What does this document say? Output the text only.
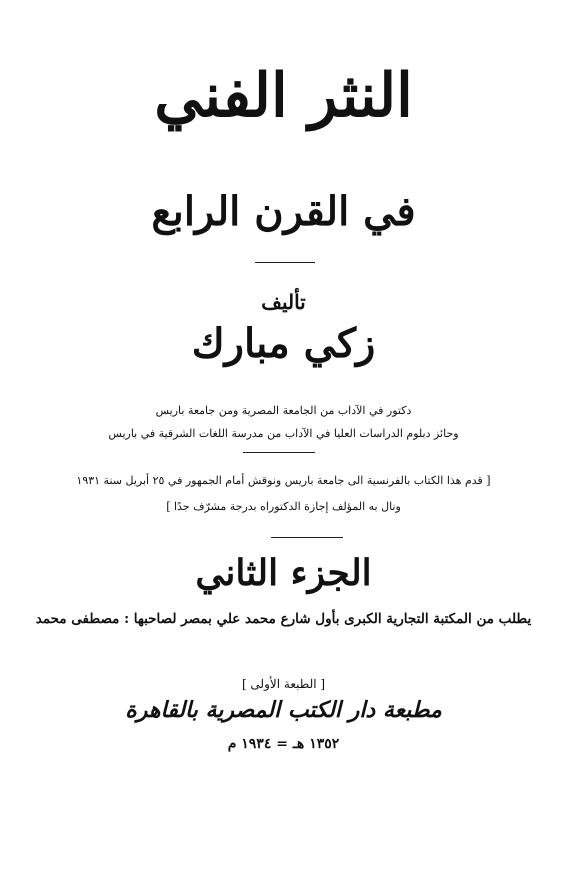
النثر الفني
في القرن الرابع
تأليف
زكي مبارك
دكتور في الآداب من الجامعة المصرية ومن جامعة باريس
وحائز دبلوم الدراسات العليا في الآداب من مدرسة اللغات الشرقية في باريس
[ قدم هذا الكتاب بالفرنسية الى جامعة باريس ونوقش أمام الجمهور في ٢٥ أبريل سنة ١٩٣١
ونال به المؤلف إجازة الدكتوراه بدرجة مشرّف جدًا ]
الجزء الثاني
يطلب من المكتبة التجارية الكبرى بأول شارع محمد علي بمصر لصاحبها : مصطفى محمد
[ الطبعة الأولى ]
مطبعة دار الكتب المصرية بالقاهرة
١٣٥٢ هـ = ١٩٣٤ م
